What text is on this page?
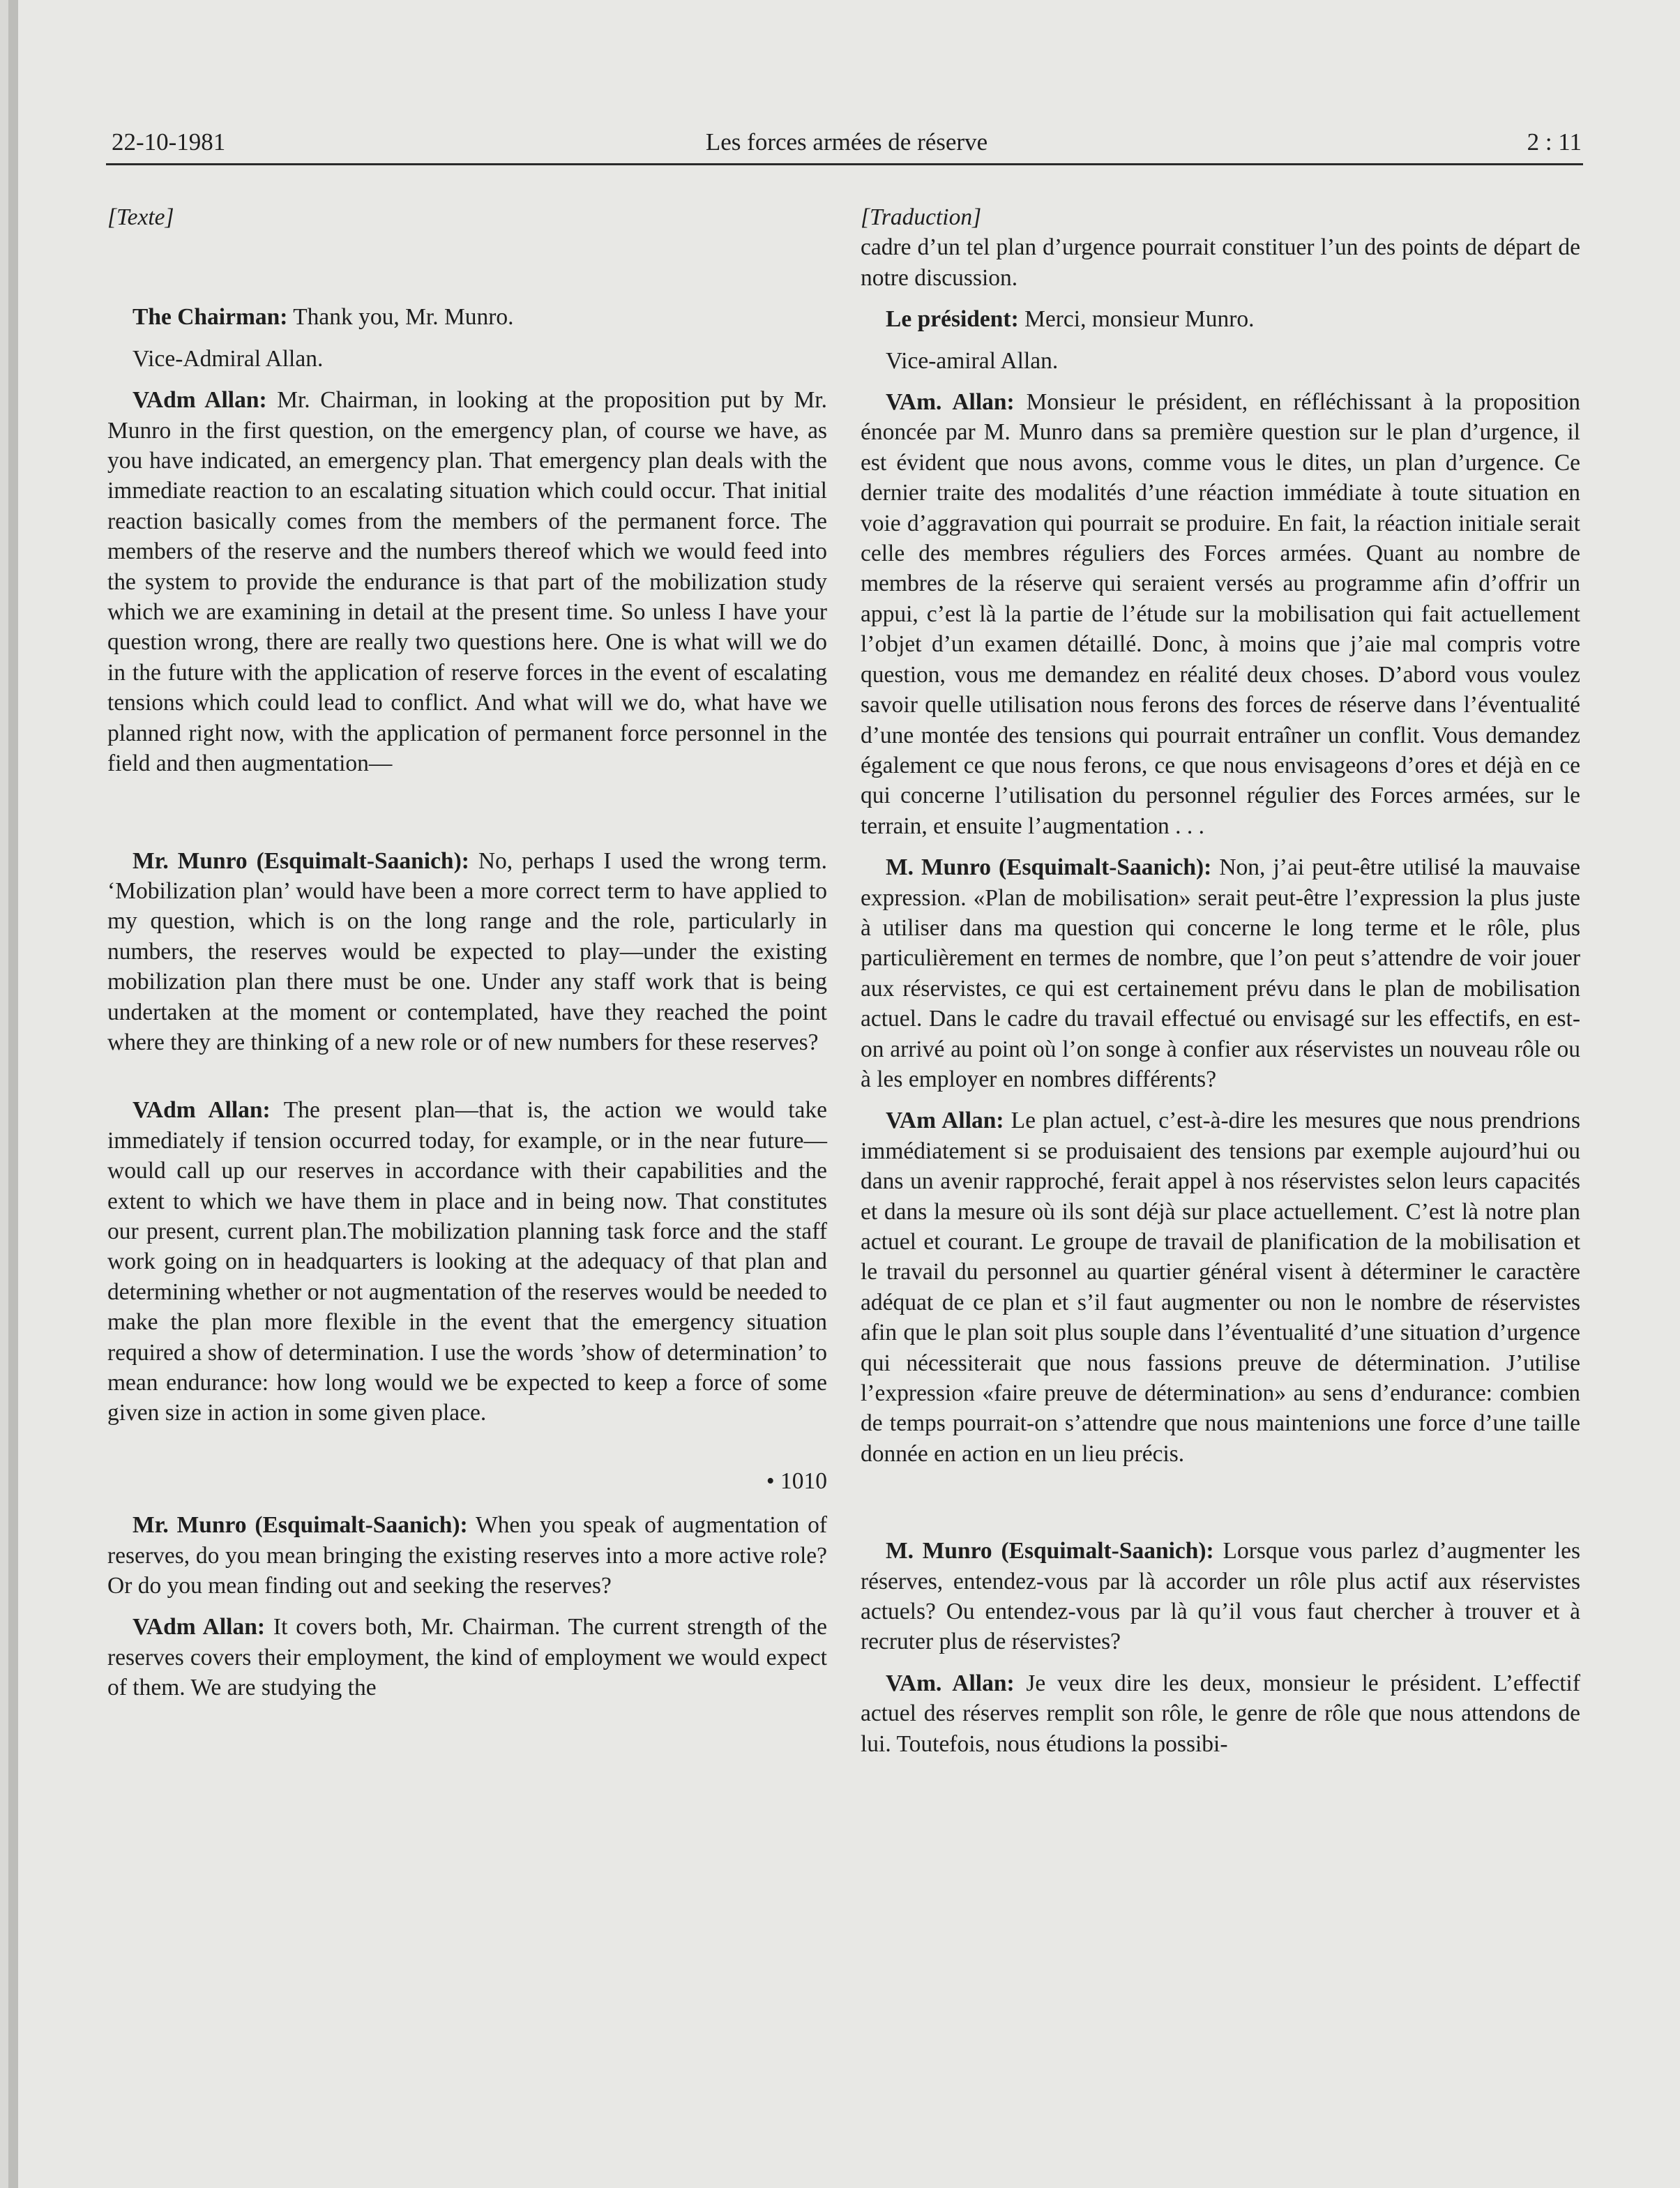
22-10-1981	Les forces armées de réserve	2 : 11

[Texte]

The Chairman: Thank you, Mr. Munro.

Vice-Admiral Allan.

VAdm Allan: Mr. Chairman, in looking at the proposition put by Mr. Munro in the first question, on the emergency plan, of course we have, as you have indicated, an emergency plan. That emergency plan deals with the immediate reaction to an escalating situation which could occur. That initial reaction basically comes from the members of the permanent force. The members of the reserve and the numbers thereof which we would feed into the system to provide the endurance is that part of the mobilization study which we are examining in detail at the present time. So unless I have your question wrong, there are really two questions here. One is what will we do in the future with the application of reserve forces in the event of escalating tensions which could lead to conflict. And what will we do, what have we planned right now, with the application of permanent force personnel in the field and then augmentation—

Mr. Munro (Esquimalt-Saanich): No, perhaps I used the wrong term. ‘Mobilization plan’ would have been a more correct term to have applied to my question, which is on the long range and the role, particularly in numbers, the reserves would be expected to play—under the existing mobilization plan there must be one. Under any staff work that is being undertaken at the moment or contemplated, have they reached the point where they are thinking of a new role or of new numbers for these reserves?

VAdm Allan: The present plan—that is, the action we would take immediately if tension occurred today, for example, or in the near future—would call up our reserves in accordance with their capabilities and the extent to which we have them in place and in being now. That constitutes our present, current plan.The mobilization planning task force and the staff work going on in headquarters is looking at the adequacy of that plan and determining whether or not augmentation of the reserves would be needed to make the plan more flexible in the event that the emergency situation required a show of determination. I use the words ’show of determination’ to mean endurance: how long would we be expected to keep a force of some given size in action in some given place.

• 1010

Mr. Munro (Esquimalt-Saanich): When you speak of augmentation of reserves, do you mean bringing the existing reserves into a more active role? Or do you mean finding out and seeking the reserves?

VAdm Allan: It covers both, Mr. Chairman. The current strength of the reserves covers their employment, the kind of employment we would expect of them. We are studying the

[Traduction]

cadre d’un tel plan d’urgence pourrait constituer l’un des points de départ de notre discussion.

Le président: Merci, monsieur Munro.

Vice-amiral Allan.

VAm. Allan: Monsieur le président, en réfléchissant à la proposition énoncée par M. Munro dans sa première question sur le plan d’urgence, il est évident que nous avons, comme vous le dites, un plan d’urgence. Ce dernier traite des modalités d’une réaction immédiate à toute situation en voie d’aggravation qui pourrait se produire. En fait, la réaction initiale serait celle des membres réguliers des Forces armées. Quant au nombre de membres de la réserve qui seraient versés au programme afin d’offrir un appui, c’est là la partie de l’étude sur la mobilisation qui fait actuellement l’objet d’un examen détaillé. Donc, à moins que j’aie mal compris votre question, vous me demandez en réalité deux choses. D’abord vous voulez savoir quelle utilisation nous ferons des forces de réserve dans l’éventualité d’une montée des tensions qui pourrait entraîner un conflit. Vous demandez également ce que nous ferons, ce que nous envisageons d’ores et déjà en ce qui concerne l’utilisation du personnel régulier des Forces armées, sur le terrain, et ensuite l’augmentation . . .

M. Munro (Esquimalt-Saanich): Non, j’ai peut-être utilisé la mauvaise expression. «Plan de mobilisation» serait peut-être l’expression la plus juste à utiliser dans ma question qui concerne le long terme et le rôle, plus particulièrement en termes de nombre, que l’on peut s’attendre de voir jouer aux réservistes, ce qui est certainement prévu dans le plan de mobilisation actuel. Dans le cadre du travail effectué ou envisagé sur les effectifs, en est-on arrivé au point où l’on songe à confier aux réservistes un nouveau rôle ou à les employer en nombres différents?

VAm Allan: Le plan actuel, c’est-à-dire les mesures que nous prendrions immédiatement si se produisaient des tensions par exemple aujourd’hui ou dans un avenir rapproché, ferait appel à nos réservistes selon leurs capacités et dans la mesure où ils sont déjà sur place actuellement. C’est là notre plan actuel et courant. Le groupe de travail de planification de la mobilisation et le travail du personnel au quartier général visent à déterminer le caractère adéquat de ce plan et s’il faut augmenter ou non le nombre de réservistes afin que le plan soit plus souple dans l’éventualité d’une situation d’urgence qui nécessiterait que nous fassions preuve de détermination. J’utilise l’expression «faire preuve de détermination» au sens d’endurance: combien de temps pourrait-on s’attendre que nous maintenions une force d’une taille donnée en action en un lieu précis.

M. Munro (Esquimalt-Saanich): Lorsque vous parlez d’augmenter les réserves, entendez-vous par là accorder un rôle plus actif aux réservistes actuels? Ou entendez-vous par là qu’il vous faut chercher à trouver et à recruter plus de réservistes?

VAm. Allan: Je veux dire les deux, monsieur le président. L’effectif actuel des réserves remplit son rôle, le genre de rôle que nous attendons de lui. Toutefois, nous étudions la possibi-
